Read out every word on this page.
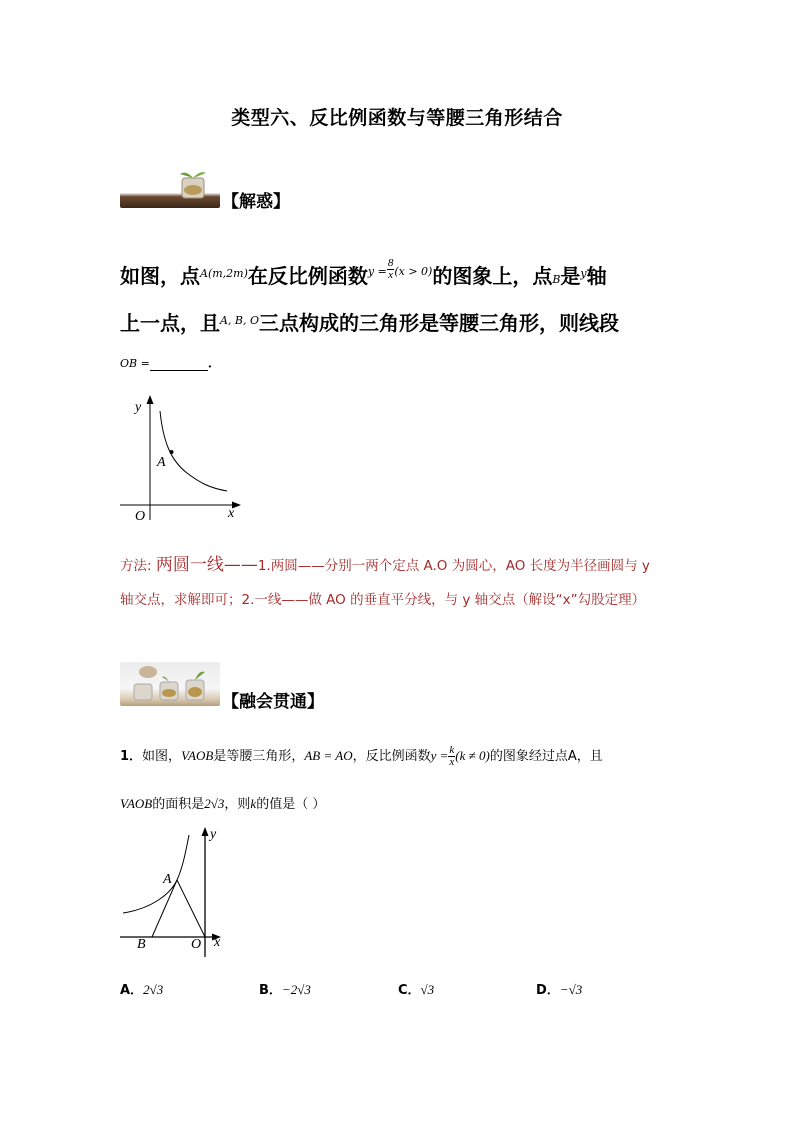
类型六、反比例函数与等腰三角形结合
【解惑】
如图，点$^{A(m,2m)}$在反比例函数$^{y =} \frac{8}{x} ^{(x > 0)}$的图象上，点B是$^y$轴
上一点，且$^{A, B, O}$三点构成的三角形是等腰三角形，则线段
OB =	．
y
x
O
A
方法: 两圆一线——1.两圆——分别一两个定点 A.O 为圆心，AO 长度为半径画圆与 y
轴交点，求解即可；2.一线——做 AO 的垂直平分线，与 y 轴交点（解设“x”勾股定理）
【融会贯通】
1．如图，VAOB是等腰三角形，AB = AO，反比例函数$y = \frac{k}{x} (k \ne 0)$的图象经过点A，且
VAOB的面积是2√3，则k的值是（ ）
y
x
O
A
B
A．2√3	B．−2√3	C．√3	D．−√3
